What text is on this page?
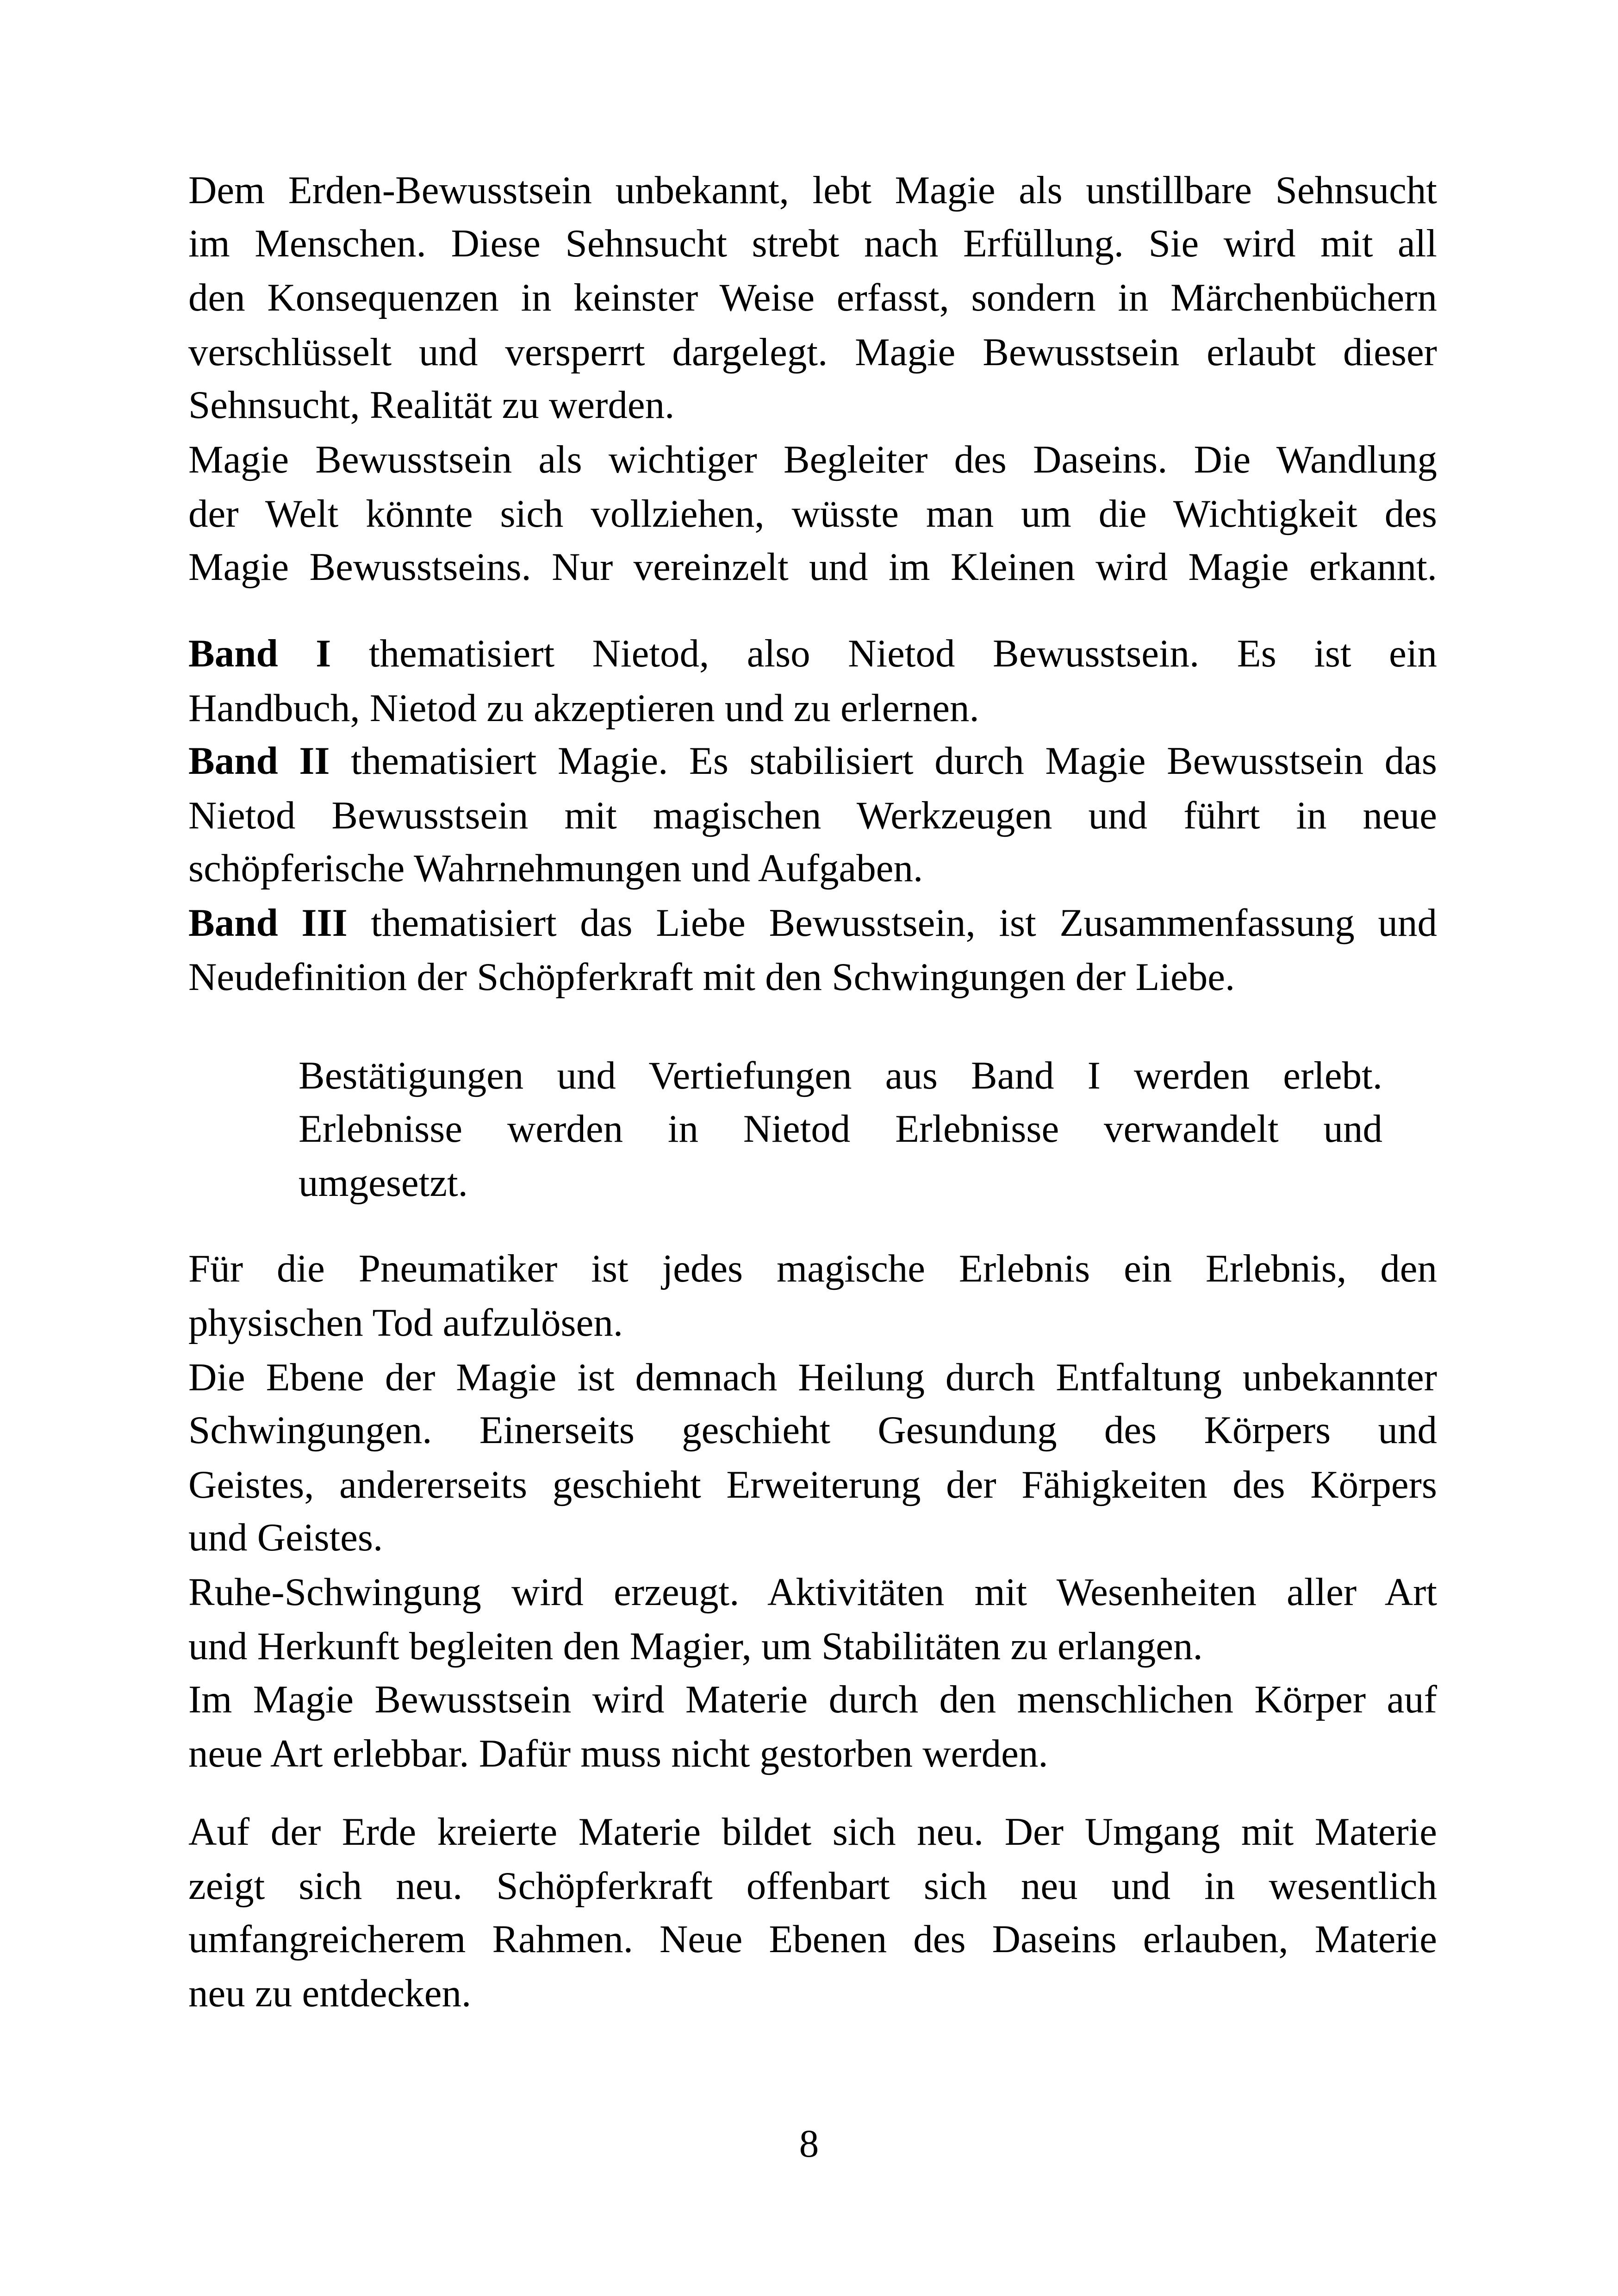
Dem Erden-Bewusstsein unbekannt, lebt Magie als unstillbare Sehnsucht
im Menschen. Diese Sehnsucht strebt nach Erfüllung. Sie wird mit all
den Konsequenzen in keinster Weise erfasst, sondern in Märchenbüchern
verschlüsselt und versperrt dargelegt. Magie Bewusstsein erlaubt dieser
Sehnsucht, Realität zu werden.
Magie Bewusstsein als wichtiger Begleiter des Daseins. Die Wandlung
der Welt könnte sich vollziehen, wüsste man um die Wichtigkeit des
Magie Bewusstseins. Nur vereinzelt und im Kleinen wird Magie erkannt.
Band I thematisiert Nietod, also Nietod Bewusstsein. Es ist ein
Handbuch, Nietod zu akzeptieren und zu erlernen.
Band II thematisiert Magie. Es stabilisiert durch Magie Bewusstsein das
Nietod Bewusstsein mit magischen Werkzeugen und führt in neue
schöpferische Wahrnehmungen und Aufgaben.
Band III thematisiert das Liebe Bewusstsein, ist Zusammenfassung und
Neudefinition der Schöpferkraft mit den Schwingungen der Liebe.
Bestätigungen und Vertiefungen aus Band I werden erlebt.
Erlebnisse werden in Nietod Erlebnisse verwandelt und
umgesetzt.
Für die Pneumatiker ist jedes magische Erlebnis ein Erlebnis, den
physischen Tod aufzulösen.
Die Ebene der Magie ist demnach Heilung durch Entfaltung unbekannter
Schwingungen. Einerseits geschieht Gesundung des Körpers und
Geistes, andererseits geschieht Erweiterung der Fähigkeiten des Körpers
und Geistes.
Ruhe-Schwingung wird erzeugt. Aktivitäten mit Wesenheiten aller Art
und Herkunft begleiten den Magier, um Stabilitäten zu erlangen.
Im Magie Bewusstsein wird Materie durch den menschlichen Körper auf
neue Art erlebbar. Dafür muss nicht gestorben werden.
Auf der Erde kreierte Materie bildet sich neu. Der Umgang mit Materie
zeigt sich neu. Schöpferkraft offenbart sich neu und in wesentlich
umfangreicherem Rahmen. Neue Ebenen des Daseins erlauben, Materie
neu zu entdecken.
8
